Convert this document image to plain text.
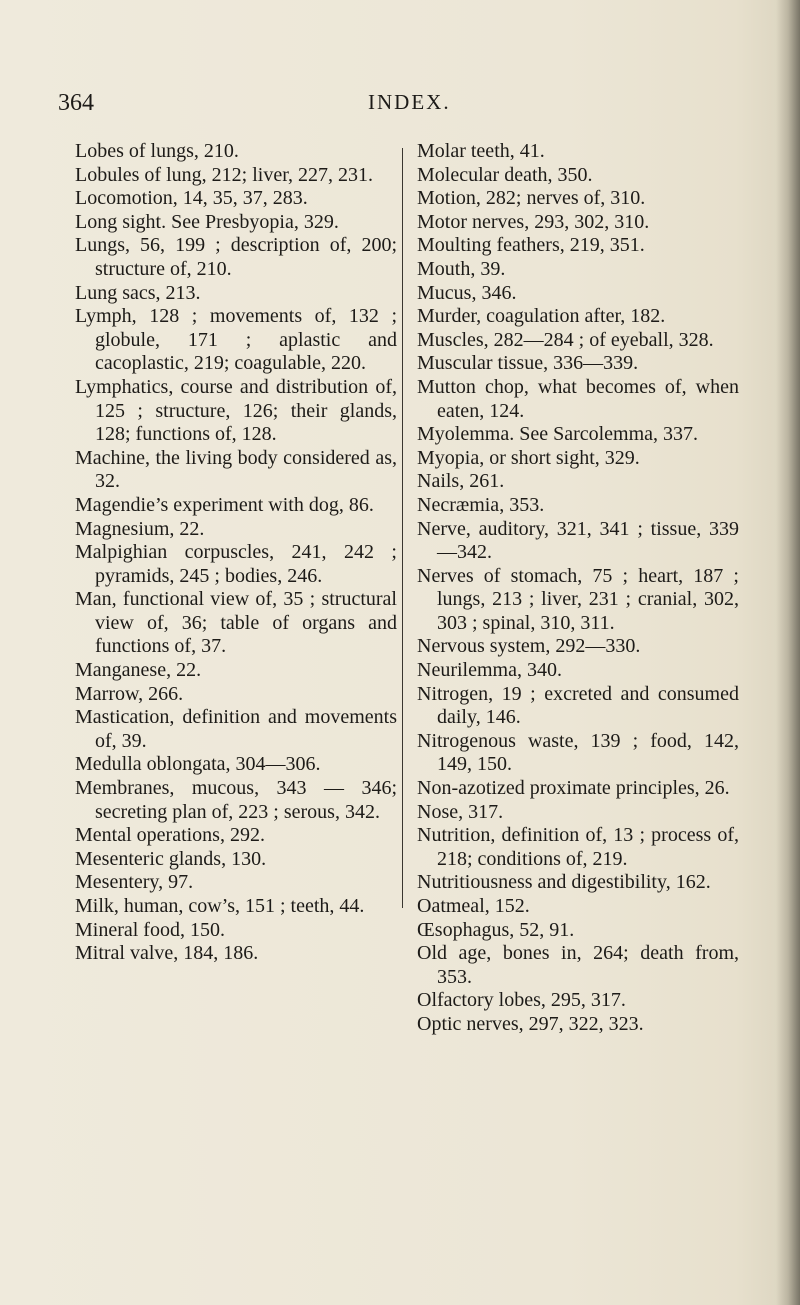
364	INDEX.
Lobes of lungs, 210.
Lobules of lung, 212; liver, 227, 231.
Locomotion, 14, 35, 37, 283.
Long sight. See Presbyopia, 329.
Lungs, 56, 199 ; description of, 200; structure of, 210.
Lung sacs, 213.
Lymph, 128 ; movements of, 132 ; globule, 171 ; aplastic and cacoplastic, 219; coagulable, 220.
Lymphatics, course and distribution of, 125 ; structure, 126; their glands, 128; functions of, 128.
Machine, the living body considered as, 32.
Magendie’s experiment with dog, 86.
Magnesium, 22.
Malpighian corpuscles, 241, 242 ; pyramids, 245 ; bodies, 246.
Man, functional view of, 35 ; structural view of, 36; table of organs and functions of, 37.
Manganese, 22.
Marrow, 266.
Mastication, definition and movements of, 39.
Medulla oblongata, 304—306.
Membranes, mucous, 343 — 346; secreting plan of, 223 ; serous, 342.
Mental operations, 292.
Mesenteric glands, 130.
Mesentery, 97.
Milk, human, cow’s, 151 ; teeth, 44.
Mineral food, 150.
Mitral valve, 184, 186.
Molar teeth, 41.
Molecular death, 350.
Motion, 282; nerves of, 310.
Motor nerves, 293, 302, 310.
Moulting feathers, 219, 351.
Mouth, 39.
Mucus, 346.
Murder, coagulation after, 182.
Muscles, 282—284 ; of eyeball, 328.
Muscular tissue, 336—339.
Mutton chop, what becomes of, when eaten, 124.
Myolemma. See Sarcolemma, 337.
Myopia, or short sight, 329.
Nails, 261.
Necræmia, 353.
Nerve, auditory, 321, 341 ; tissue, 339—342.
Nerves of stomach, 75 ; heart, 187 ; lungs, 213 ; liver, 231 ; cranial, 302, 303 ; spinal, 310, 311.
Nervous system, 292—330.
Neurilemma, 340.
Nitrogen, 19 ; excreted and consumed daily, 146.
Nitrogenous waste, 139 ; food, 142, 149, 150.
Non-azotized proximate principles, 26.
Nose, 317.
Nutrition, definition of, 13 ; process of, 218; conditions of, 219.
Nutritiousness and digestibility, 162.
Oatmeal, 152.
Œsophagus, 52, 91.
Old age, bones in, 264; death from, 353.
Olfactory lobes, 295, 317.
Optic nerves, 297, 322, 323.
